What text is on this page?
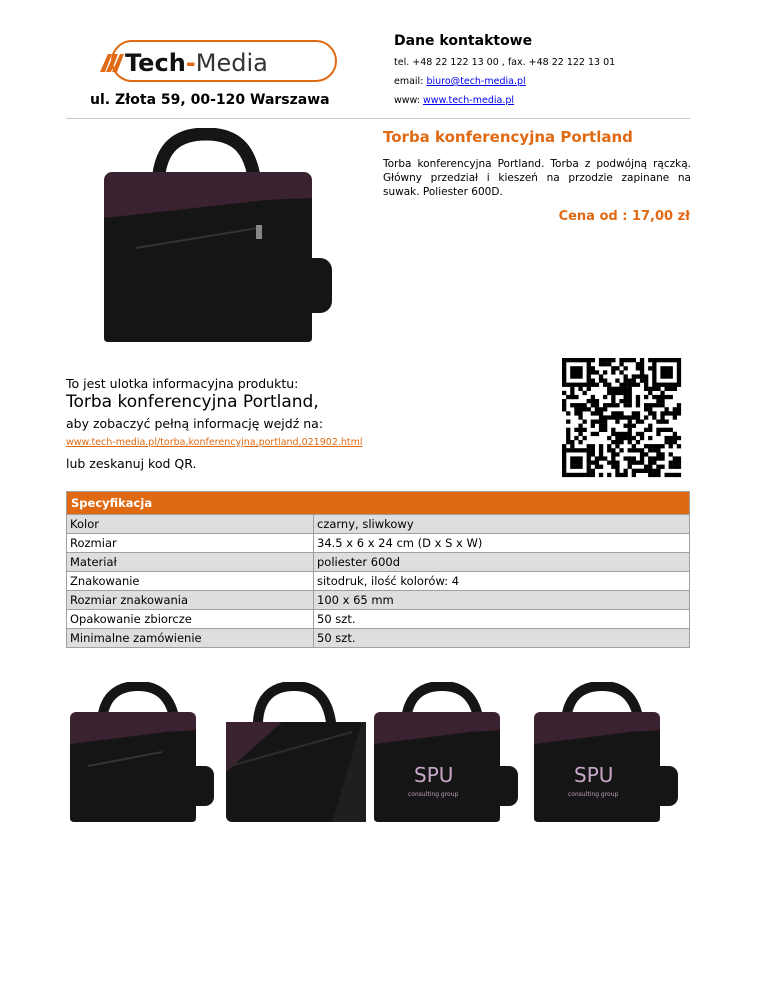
Tech-Media
ul. Złota 59, 00-120 Warszawa
Dane kontaktowe
tel. +48 22 122 13 00 , fax. +48 22 122 13 01
email: biuro@tech-media.pl
www: www.tech-media.pl
Torba konferencyjna Portland
Torba konferencyjna Portland. Torba z podwójną rączką. Główny przedział i kieszeń na przodzie zapinane na suwak. Poliester 600D.
Cena od : 17,00 zł
To jest ulotka informacyjna produktu:
Torba konferencyjna Portland,
aby zobaczyć pełną informację wejdź na:
www.tech-media.pl/torba,konferencyjna,portland,021902.html
lub zeskanuj kod QR.
Specyfikacja	
Kolor	czarny, sliwkowy
Rozmiar	34.5 x 6 x 24 cm (D x S x W)
Materiał	poliester 600d
Znakowanie	sitodruk, ilość kolorów: 4
Rozmiar znakowania	100 x 65 mm
Opakowanie zbiorcze	50 szt.
Minimalne zamówienie	50 szt.
SPU
consulting group
SPU
consulting group
